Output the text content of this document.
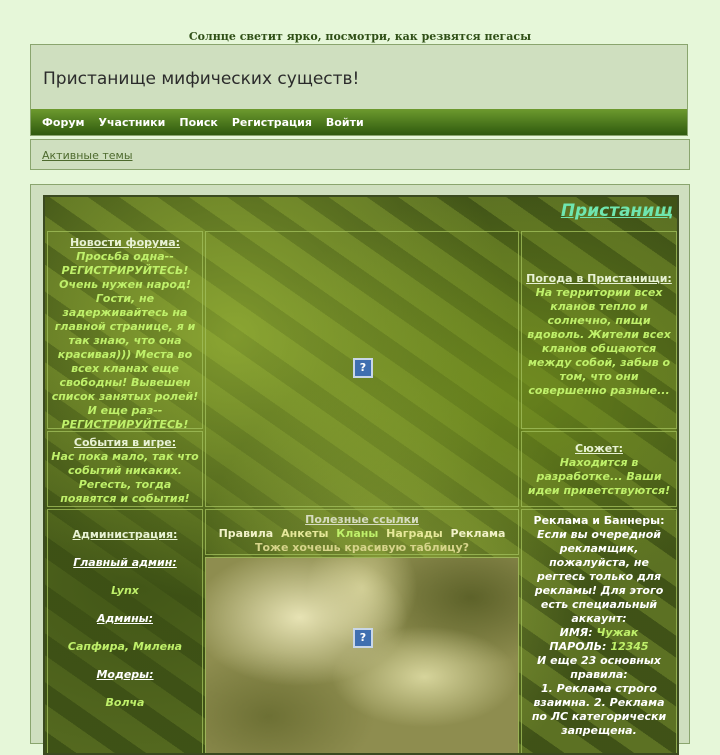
Солнце светит ярко, посмотри, как резвятся пегасы
Пристанище мифических существ!
Форум	Участники	Поиск	Регистрация	Войти
Активные темы
Пристанищ
Новости форума:
Просьба одна-- РЕГИСТРИРУЙТЕСЬ! Очень нужен народ! Гости, не задерживайтесь на главной странице, я и так знаю, что она красивая))) Места во всех кланах еще свободны! Вывешен список занятых ролей! И еще раз-- РЕГИСТРИРУЙТЕСЬ!
?
Погода в Пристанищи:
На территории всех кланов тепло и солнечно, пищи вдоволь. Жители всех кланов общаются между собой, забыв о том, что они совершенно разные...
События в игре:
Нас пока мало, так что событий никаких. Регесть, тогда появятся и события!
Сюжет:
Находится в разработке... Ваши идеи приветствуются!
Администрация:
Главный админ:
Lynx
Админы:
Сапфира, Милена
Модеры:
Волча
Полезные ссылки
Правила Анкеты Кланы Награды Реклама
Тоже хочешь красивую таблицу?
?
Реклама и Баннеры:
Если вы очередной рекламщик, пожалуйста, не регтесь только для рекламы! Для этого есть специальный аккаунт:
ИМЯ: Чужак
ПАРОЛЬ: 12345
И еще 23 основных правила:
1. Реклама строго взаимна. 2. Реклама по ЛС категорически запрещена.
